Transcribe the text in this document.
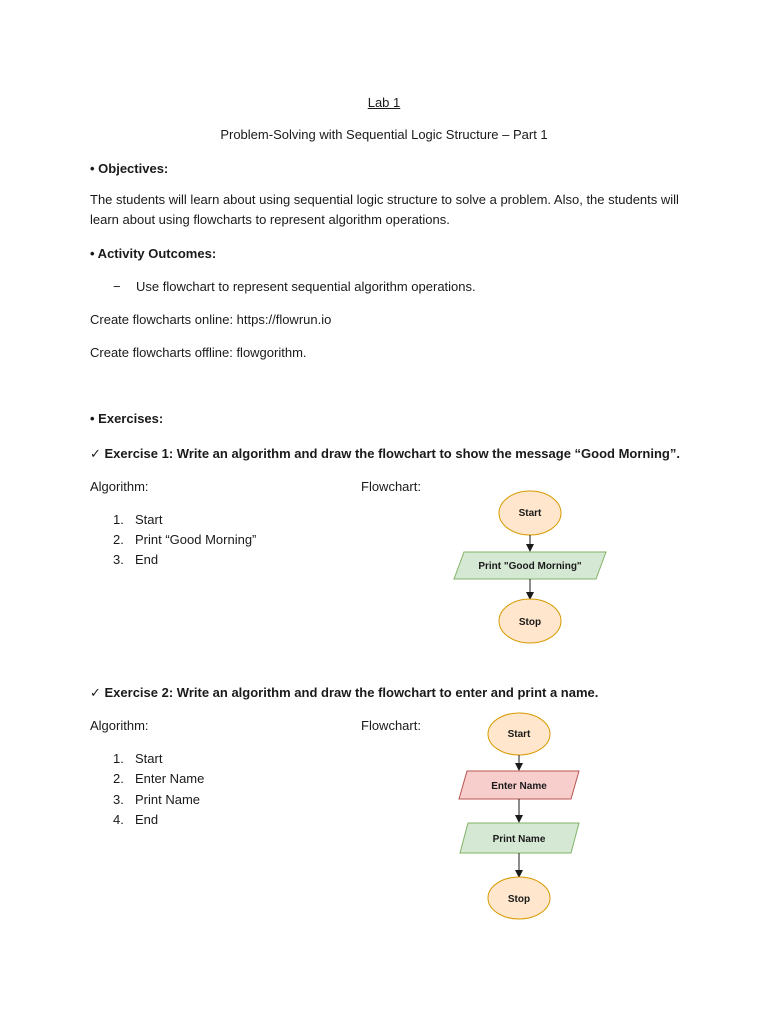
Lab 1
Problem-Solving with Sequential Logic Structure – Part 1
• Objectives:
The students will learn about using sequential logic structure to solve a problem. Also, the students will learn about using flowcharts to represent algorithm operations.
• Activity Outcomes:
− Use flowchart to represent sequential algorithm operations.
Create flowcharts online: https://flowrun.io
Create flowcharts offline: flowgorithm.
• Exercises:
✓ Exercise 1: Write an algorithm and draw the flowchart to show the message “Good Morning”.
Algorithm:	Flowchart:
1. Start
2. Print “Good Morning”
3. End
Start
Print "Good Morning"
Stop
✓ Exercise 2: Write an algorithm and draw the flowchart to enter and print a name.
Algorithm:	Flowchart:
1. Start
2. Enter Name
3. Print Name
4. End
Start
Enter Name
Print Name
Stop
